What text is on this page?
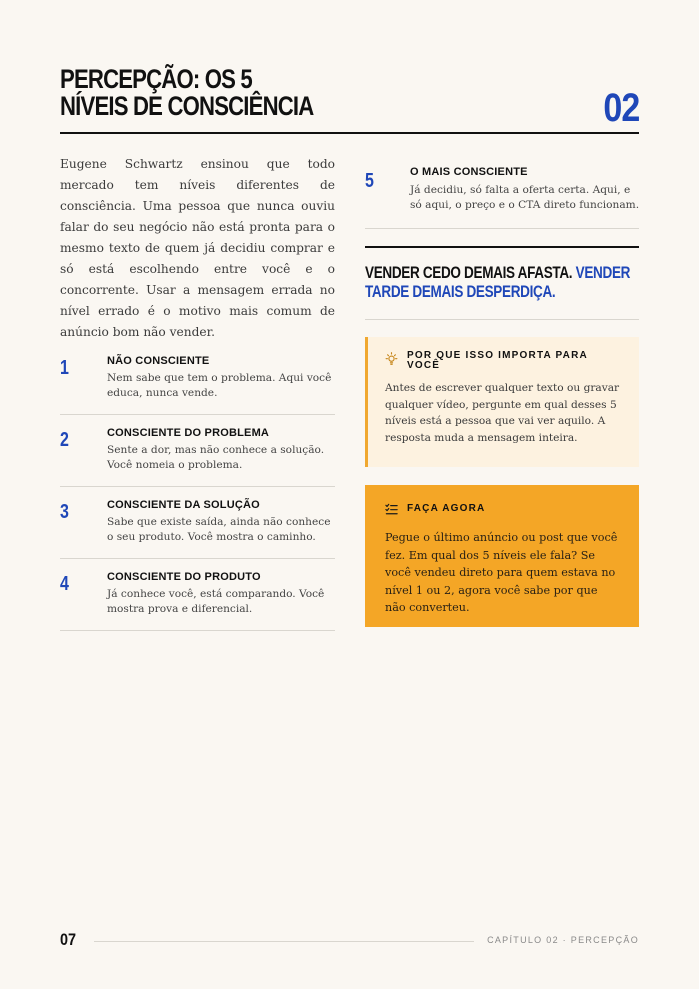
PERCEPÇÃO: OS 5
NÍVEIS DE CONSCIÊNCIA	02

Eugene Schwartz ensinou que todo mercado tem níveis diferentes de consciência. Uma pessoa que nunca ouviu falar do seu negócio não está pronta para o mesmo texto de quem já decidiu comprar e só está escolhendo entre você e o concorrente. Usar a mensagem errada no nível errado é o motivo mais comum de anúncio bom não vender.

1	NÃO CONSCIENTE
Nem sabe que tem o problema. Aqui você educa, nunca vende.
2	CONSCIENTE DO PROBLEMA
Sente a dor, mas não conhece a solução. Você nomeia o problema.
3	CONSCIENTE DA SOLUÇÃO
Sabe que existe saída, ainda não conhece o seu produto. Você mostra o caminho.
4	CONSCIENTE DO PRODUTO
Já conhece você, está comparando. Você mostra prova e diferencial.
5	O MAIS CONSCIENTE
Já decidiu, só falta a oferta certa. Aqui, e só aqui, o preço e o CTA direto funcionam.
VENDER CEDO DEMAIS AFASTA. VENDER TARDE DEMAIS DESPERDIÇA.
POR QUE ISSO IMPORTA PARA VOCÊ

Antes de escrever qualquer texto ou gravar qualquer vídeo, pergunte em qual desses 5 níveis está a pessoa que vai ver aquilo. A resposta muda a mensagem inteira.

FAÇA AGORA

Pegue o último anúncio ou post que você fez. Em qual dos 5 níveis ele fala? Se você vendeu direto para quem estava no nível 1 ou 2, agora você sabe por que não converteu.

07	CAPÍTULO 02 · PERCEPÇÃO
